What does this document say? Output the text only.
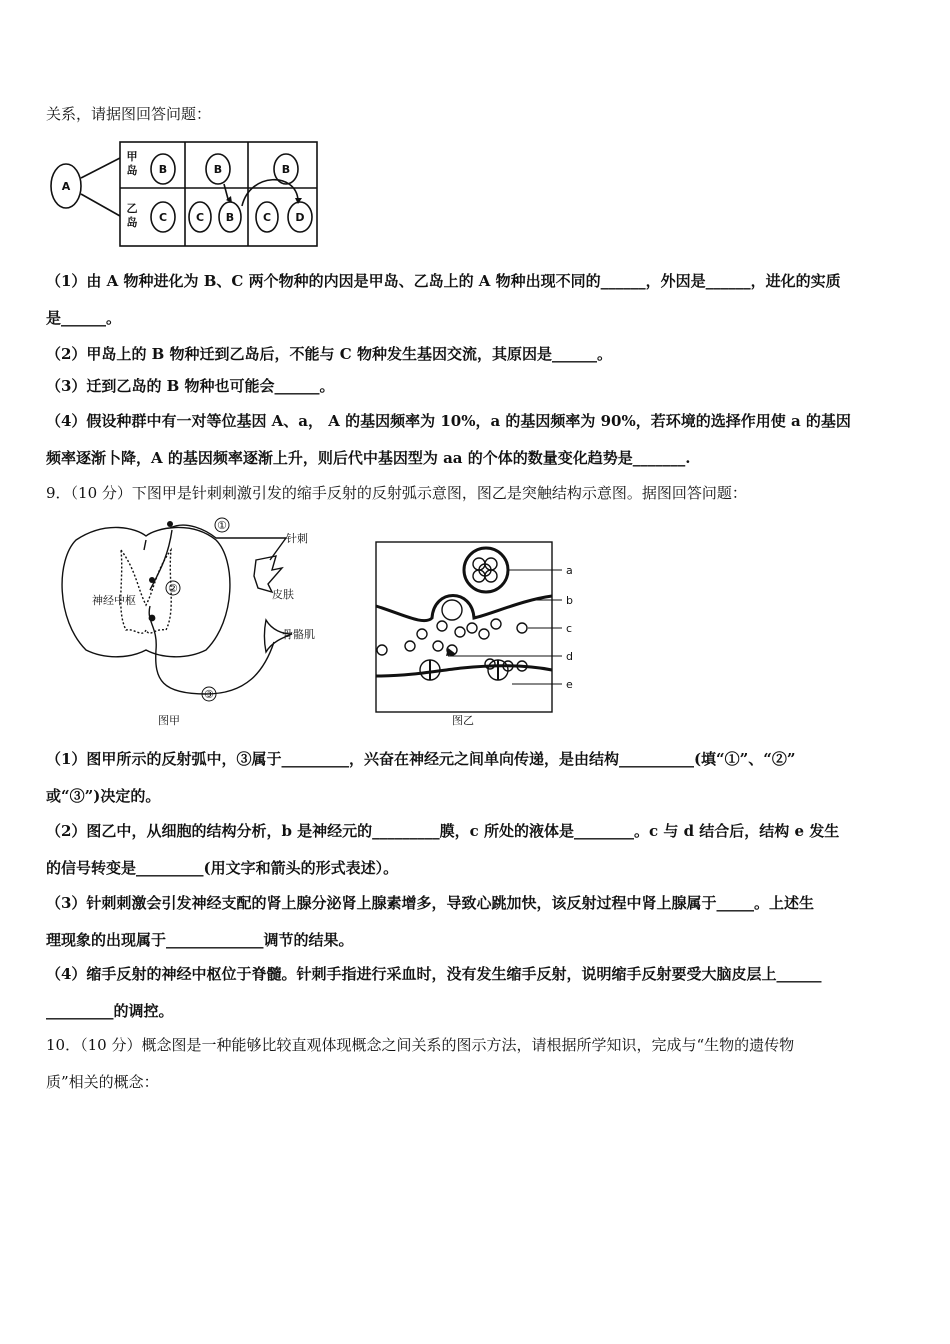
关系，请据图回答问题：
A
甲
岛
乙
岛
B	B	B
C	C B	C D
（1）由 A 物种进化为 B、C 两个物种的内因是甲岛、乙岛上的 A 物种出现不同的______，外因是______，进化的实质
是______。
（2）甲岛上的 B 物种迁到乙岛后，不能与 C 物种发生基因交流，其原因是______。
（3）迁到乙岛的 B 物种也可能会______。
（4）假设种群中有一对等位基因 A、a， A 的基因频率为 10%，a 的基因频率为 90%，若环境的选择作用使 a 的基因
频率逐渐卜降，A 的基因频率逐渐上升，则后代中基因型为 aa 的个体的数量变化趋势是_______.
9．（10 分）下图甲是针刺刺激引发的缩手反射的反射弧示意图，图乙是突触结构示意图。据图回答问题：
①
②
③
神经中枢
针刺
皮肤
骨骼肌
图甲
a
b
c
d
e
图乙
（1）图甲所示的反射弧中，③属于_________，兴奋在神经元之间单向传递，是由结构__________(填“①”、“②”
或“③”)决定的。
（2）图乙中，从细胞的结构分析，b 是神经元的_________膜，c 所处的液体是________。c 与 d 结合后，结构 e 发生
的信号转变是_________(用文字和箭头的形式表述）。
（3）针刺刺激会引发神经支配的肾上腺分泌肾上腺素增多，导致心跳加快，该反射过程中肾上腺属于_____。上述生
理现象的出现属于_____________调节的结果。
（4）缩手反射的神经中枢位于脊髓。针刺手指进行采血时，没有发生缩手反射，说明缩手反射要受大脑皮层上______
_________的调控。
10．（10 分）概念图是一种能够比较直观体现概念之间关系的图示方法，请根据所学知识，完成与“生物的遗传物
质”相关的概念：
